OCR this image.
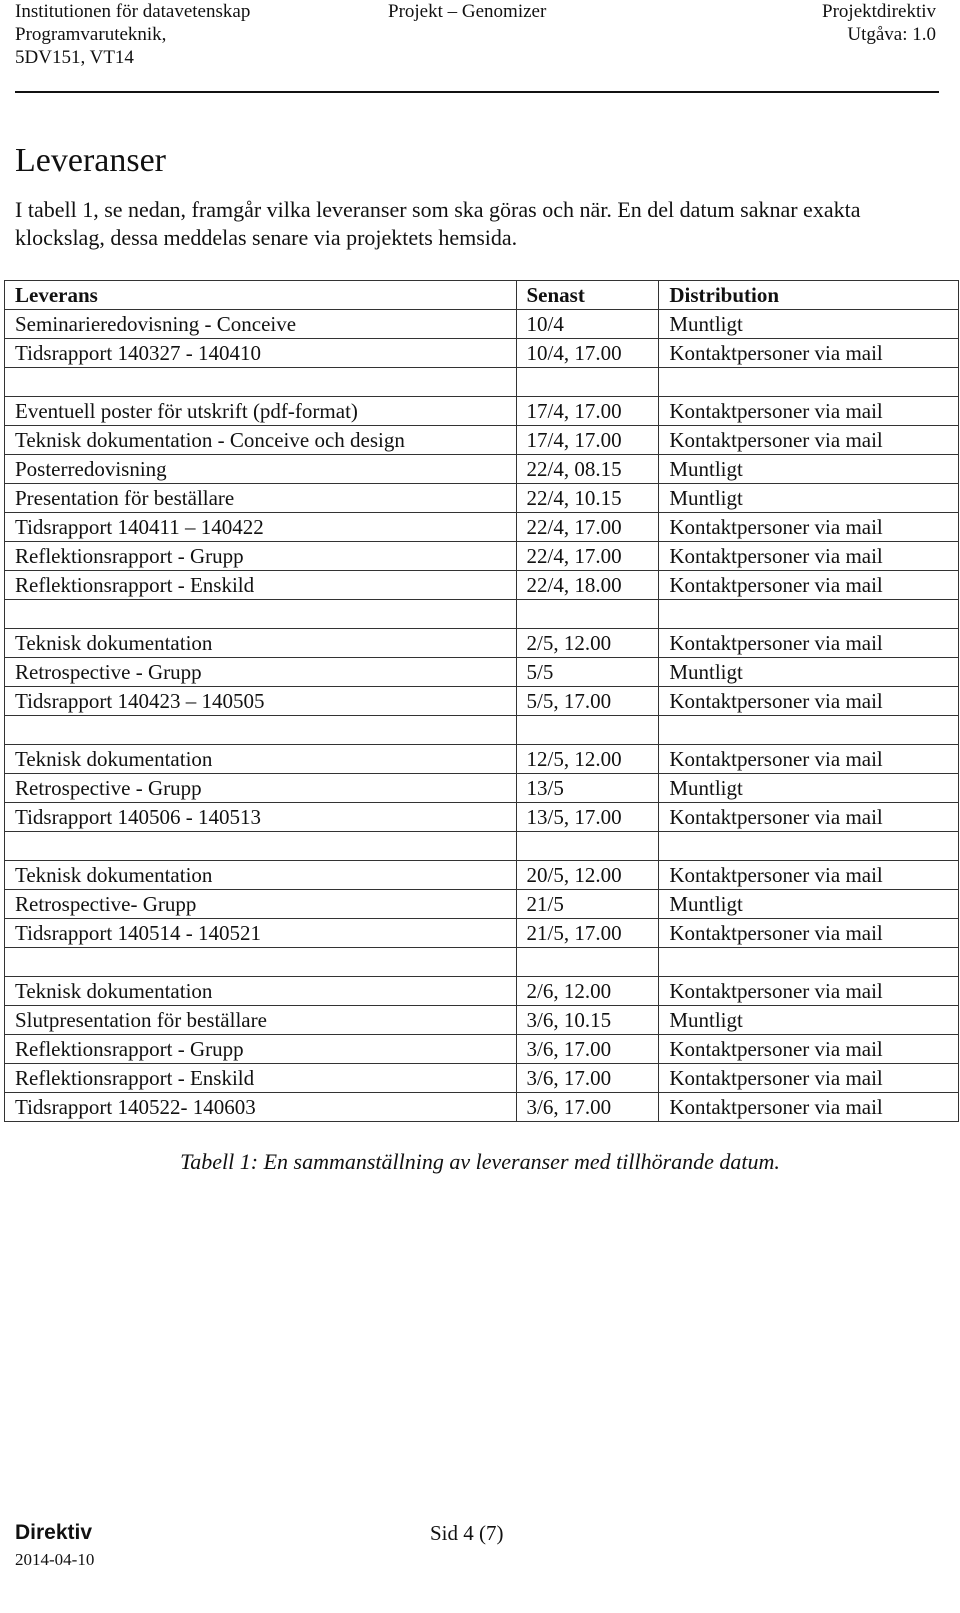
Institutionen för datavetenskap
Programvaruteknik,
5DV151, VT14
Projekt – Genomizer	Projektdirektiv
Utgåva: 1.0
Leveranser

I tabell 1, se nedan, framgår vilka leveranser som ska göras och när. En del datum saknar exakta klockslag, dessa meddelas senare via projektets hemsida.

Leverans	Senast	Distribution
Seminarieredovisning - Conceive	10/4	Muntligt
Tidsrapport 140327 - 140410	10/4, 17.00	Kontaktpersoner via mail

Eventuell poster för utskrift (pdf-format)	17/4, 17.00	Kontaktpersoner via mail
Teknisk dokumentation - Conceive och design	17/4, 17.00	Kontaktpersoner via mail
Posterredovisning	22/4, 08.15	Muntligt
Presentation för beställare	22/4, 10.15	Muntligt
Tidsrapport 140411 – 140422	22/4, 17.00	Kontaktpersoner via mail
Reflektionsrapport - Grupp	22/4, 17.00	Kontaktpersoner via mail
Reflektionsrapport - Enskild	22/4, 18.00	Kontaktpersoner via mail

Teknisk dokumentation	2/5, 12.00	Kontaktpersoner via mail
Retrospective - Grupp	5/5	Muntligt
Tidsrapport 140423 – 140505	5/5, 17.00	Kontaktpersoner via mail

Teknisk dokumentation	12/5, 12.00	Kontaktpersoner via mail
Retrospective - Grupp	13/5	Muntligt
Tidsrapport 140506 - 140513	13/5, 17.00	Kontaktpersoner via mail

Teknisk dokumentation	20/5, 12.00	Kontaktpersoner via mail
Retrospective- Grupp	21/5	Muntligt
Tidsrapport 140514 - 140521	21/5, 17.00	Kontaktpersoner via mail

Teknisk dokumentation	2/6, 12.00	Kontaktpersoner via mail
Slutpresentation för beställare	3/6, 10.15	Muntligt
Reflektionsrapport - Grupp	3/6, 17.00	Kontaktpersoner via mail
Reflektionsrapport - Enskild	3/6, 17.00	Kontaktpersoner via mail
Tidsrapport 140522- 140603	3/6, 17.00	Kontaktpersoner via mail

Tabell 1: En sammanställning av leveranser med tillhörande datum.

Direktiv	Sid 4 (7)
2014-04-10
